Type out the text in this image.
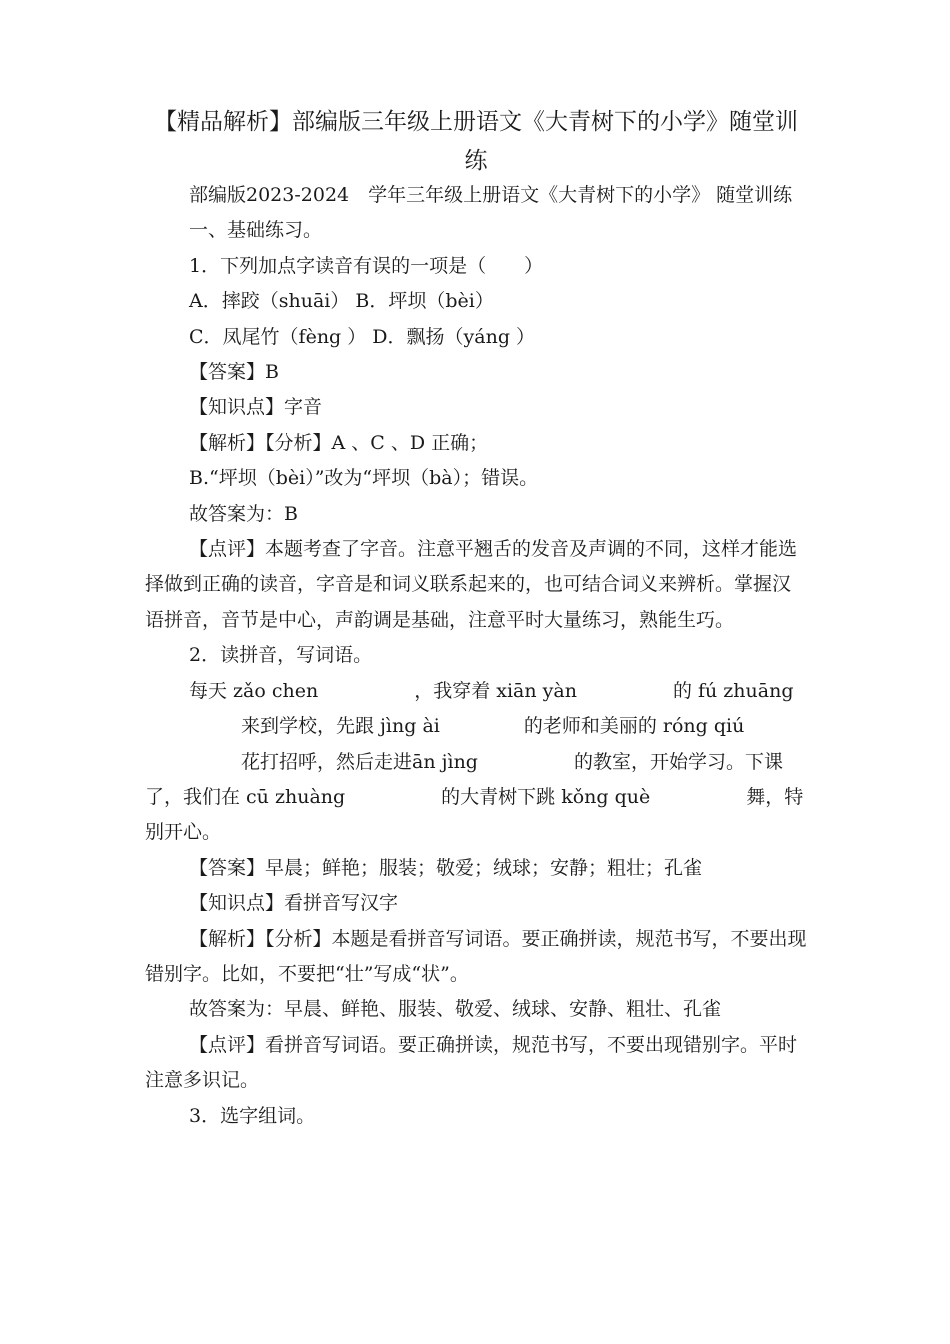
【精品解析】部编版三年级上册语文《大青树下的小学》随堂训练

部编版2023-2024　学年三年级上册语文《大青树下的小学》 随堂训练

一、基础练习。

1．下列加点字读音有误的一项是（　　）

A．摔跤（shuāi） B．坪坝（bèi）

C．凤尾竹（fèng ） D．飘扬（yáng ）

【答案】B

【知识点】字音

【解析】【分析】A 、C 、D 正确；

B.“坪坝（bèi）”改为“坪坝（bà）；错误。

故答案为：B

【点评】本题考查了字音。注意平翘舌的发音及声调的不同，这样才能选择做到正确的读音，字音是和词义联系起来的，也可结合词义来辨析。掌握汉语拼音，音节是中心，声韵调是基础，注意平时大量练习，熟能生巧。

2．读拼音，写词语。

每天 zǎo chen	，我穿着 xiān yàn	的 fú zhuāng来到学校，先跟 jìng ài	的老师和美丽的 róng qiú花打招呼，然后走进ān jìng	的教室，开始学习。下课了，我们在 cū zhuàng	的大青树下跳 kǒng què	舞，特别开心。

【答案】早晨；鲜艳；服装；敬爱；绒球；安静；粗壮；孔雀

【知识点】看拼音写汉字

【解析】【分析】本题是看拼音写词语。要正确拼读，规范书写，不要出现错别字。比如，不要把“壮”写成“状”。

故答案为：早晨、鲜艳、服装、敬爱、绒球、安静、粗壮、孔雀

【点评】看拼音写词语。要正确拼读，规范书写，不要出现错别字。平时注意多识记。

3．选字组词。
